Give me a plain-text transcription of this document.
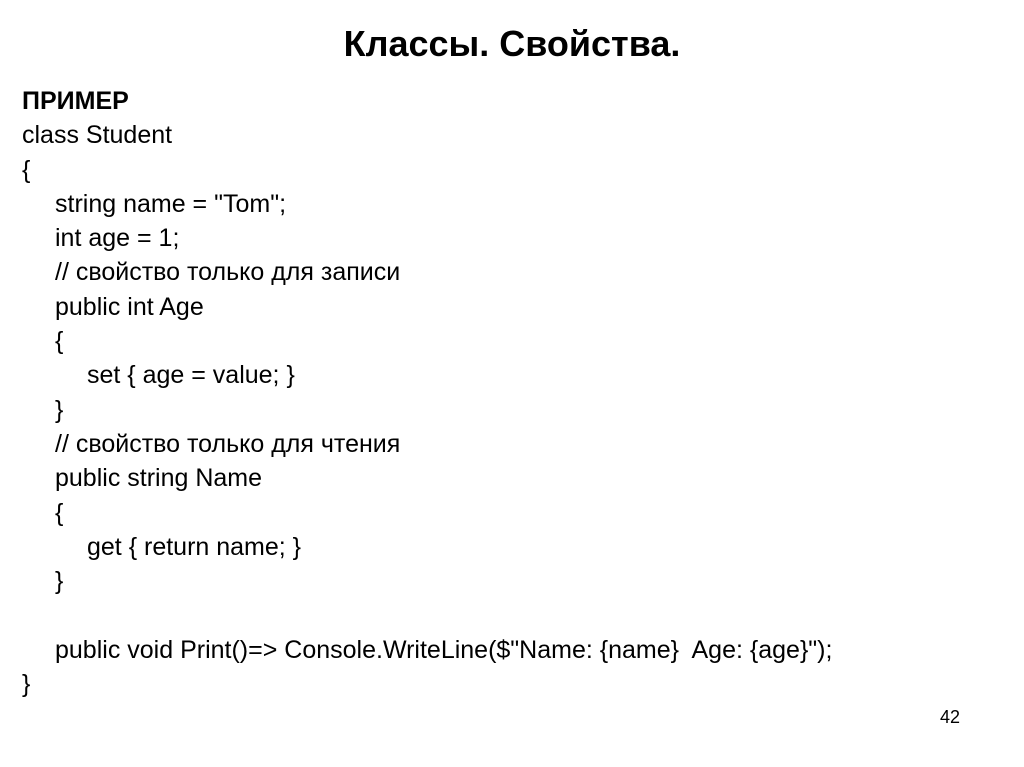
Классы. Свойства.
ПРИМЕР
class Student
{
string name = "Tom";
int age = 1;
// свойство только для записи
public int Age
{
set { age = value; }
}
// свойство только для чтения
public string Name
{
get { return name; }
}
public void Print()=> Console.WriteLine($"Name: {name}  Age: {age}");
}
42
